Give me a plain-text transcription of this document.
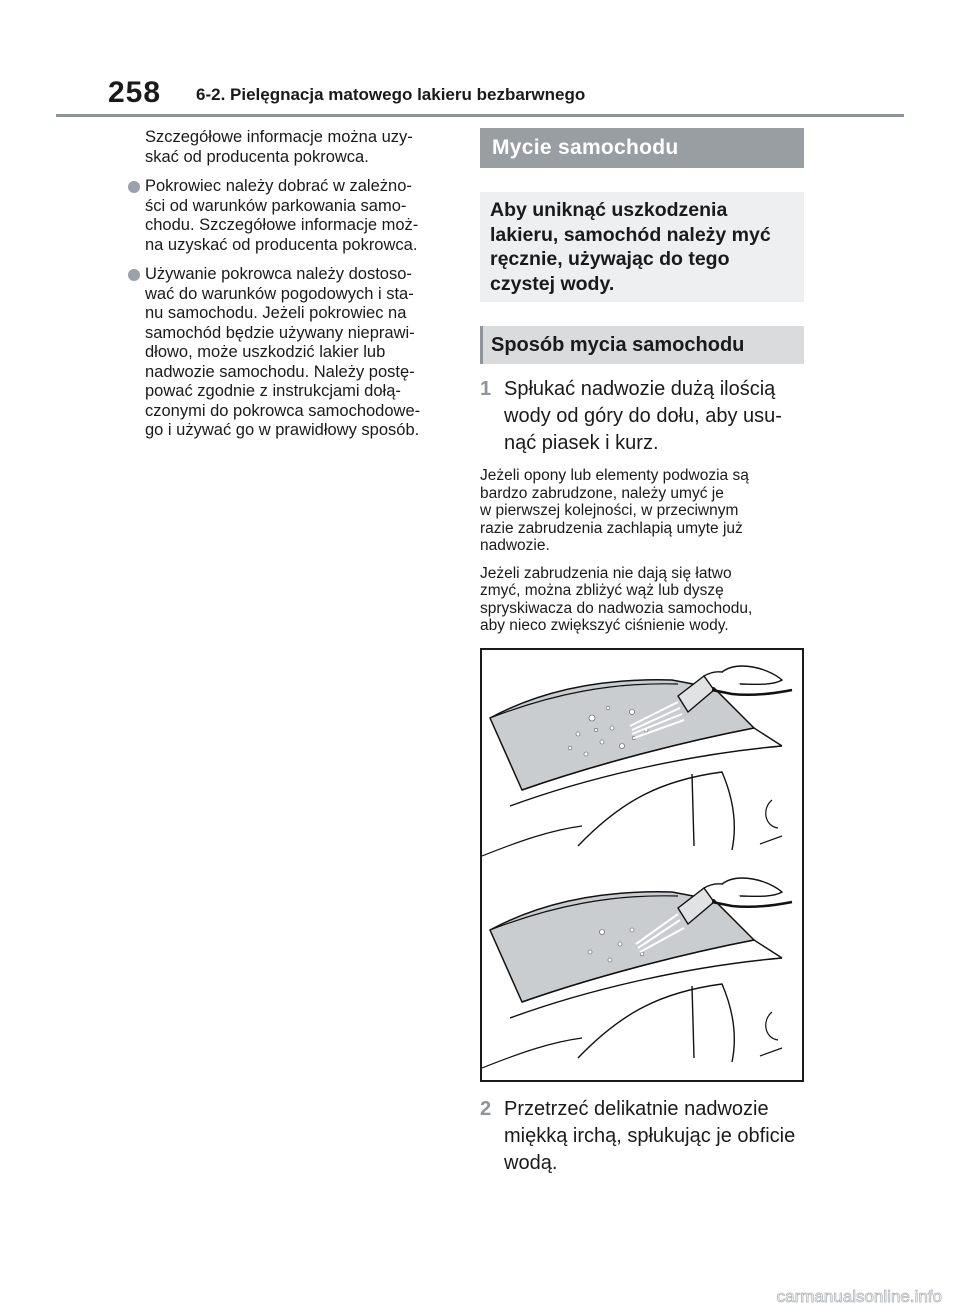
258 6-2. Pielęgnacja matowego lakieru bezbarwnego

Szczegółowe informacje można uzy-
skać od producenta pokrowca.

Pokrowiec należy dobrać w zależno-
ści od warunków parkowania samo-
chodu. Szczegółowe informacje moż-
na uzyskać od producenta pokrowca.
Używanie pokrowca należy dostoso-
wać do warunków pogodowych i sta-
nu samochodu. Jeżeli pokrowiec na
samochód będzie używany nieprawi-
dłowo, może uszkodzić lakier lub
nadwozie samochodu. Należy postę-
pować zgodnie z instrukcjami dołą-
czonymi do pokrowca samochodowe-
go i używać go w prawidłowy sposób.
Mycie samochodu
Aby uniknąć uszkodzenia
lakieru, samochód należy myć
ręcznie, używając do tego
czystej wody.
Sposób mycia samochodu
1 Spłukać nadwozie dużą ilością
wody od góry do dołu, aby usu-
nąć piasek i kurz.
Jeżeli opony lub elementy podwozia są
bardzo zabrudzone, należy umyć je
w pierwszej kolejności, w przeciwnym
razie zabrudzenia zachlapią umyte już
nadwozie.
Jeżeli zabrudzenia nie dają się łatwo
zmyć, można zbliżyć wąż lub dyszę
spryskiwacza do nadwozia samochodu,
aby nieco zwiększyć ciśnienie wody.
2 Przetrzeć delikatnie nadwozie
miękką irchą, spłukując je obficie
wodą.
carmanualsonline.info
